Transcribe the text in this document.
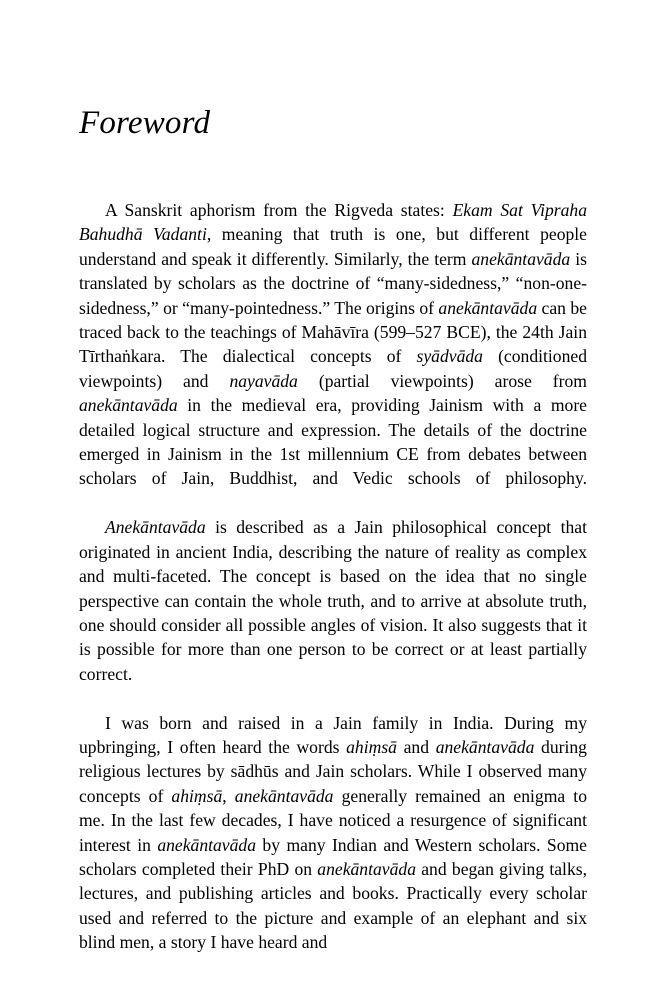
Foreword

A Sanskrit aphorism from the Rigveda states: Ekam Sat Vipraha Bahudhā Vadanti, meaning that truth is one, but different people understand and speak it differently. Similarly, the term anekāntavāda is translated by scholars as the doctrine of “many-sidedness,” “non-one-sidedness,” or “many-pointedness.” The origins of anekāntavāda can be traced back to the teachings of Mahāvīra (599–527 BCE), the 24th Jain Tīrthaṅkara. The dialectical concepts of syādvāda (conditioned viewpoints) and nayavāda (partial viewpoints) arose from anekāntavāda in the medieval era, providing Jainism with a more detailed logical structure and expression. The details of the doctrine emerged in Jainism in the 1st millennium CE from debates between scholars of Jain, Buddhist, and Vedic schools of philosophy.

Anekāntavāda is described as a Jain philosophical concept that originated in ancient India, describing the nature of reality as complex and multi-faceted. The concept is based on the idea that no single perspective can contain the whole truth, and to arrive at absolute truth, one should consider all possible angles of vision. It also suggests that it is possible for more than one person to be correct or at least partially correct.

I was born and raised in a Jain family in India. During my upbringing, I often heard the words ahiṃsā and anekāntavāda during religious lectures by sādhūs and Jain scholars. While I observed many concepts of ahiṃsā, anekāntavāda generally remained an enigma to me. In the last few decades, I have noticed a resurgence of significant interest in anekāntavāda by many Indian and Western scholars. Some scholars completed their PhD on anekāntavāda and began giving talks, lectures, and publishing articles and books. Practically every scholar used and referred to the picture and example of an elephant and six blind men, a story I have heard and
